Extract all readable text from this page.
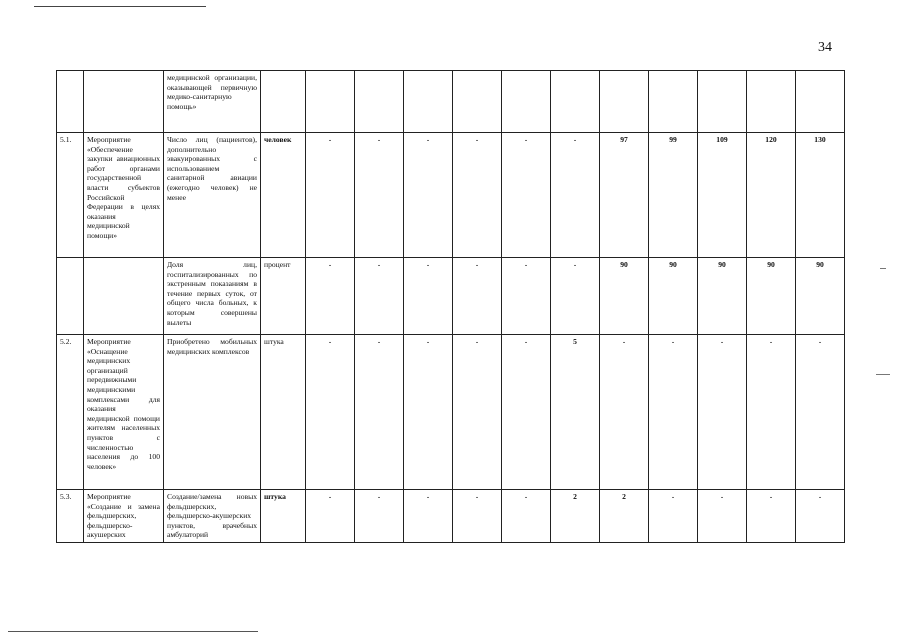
34
		медицинской организации, оказывающей первичную медико-санитарную помощь»												
5.1.	Мероприятие «Обеспечение закупки авиационных работ органами государственной власти субъектов Российской Федерации в целях оказания медицинской помощи»	Число лиц (пациентов), дополнительно эвакуированных с использованием санитарной авиации (ежегодно человек) не менее	человек	-	-	-	-	-	-	97	99	109	120	130
		Доля лиц, госпитализированных по экстренным показаниям в течение первых суток, от общего числа больных, к которым совершены вылеты	процент	-	-	-	-	-	-	90	90	90	90	90
5.2.	Мероприятие «Оснащение медицинских организаций передвижными медицинскими комплексами для оказания медицинской помощи жителям населенных пунктов с численностью населения до 100 человек»	Приобретено мобильных медицинских комплексов	штука	-	-	-	-	-	5	-	-	-	-	-
5.3.	Мероприятие «Создание и замена фельдшерских, фельдшерско-акушерских	Создание/замена новых фельдшерских, фельдшерско-акушерских пунктов, врачебных амбулаторий	штука	-	-	-	-	-	2	2	-	-	-	-
